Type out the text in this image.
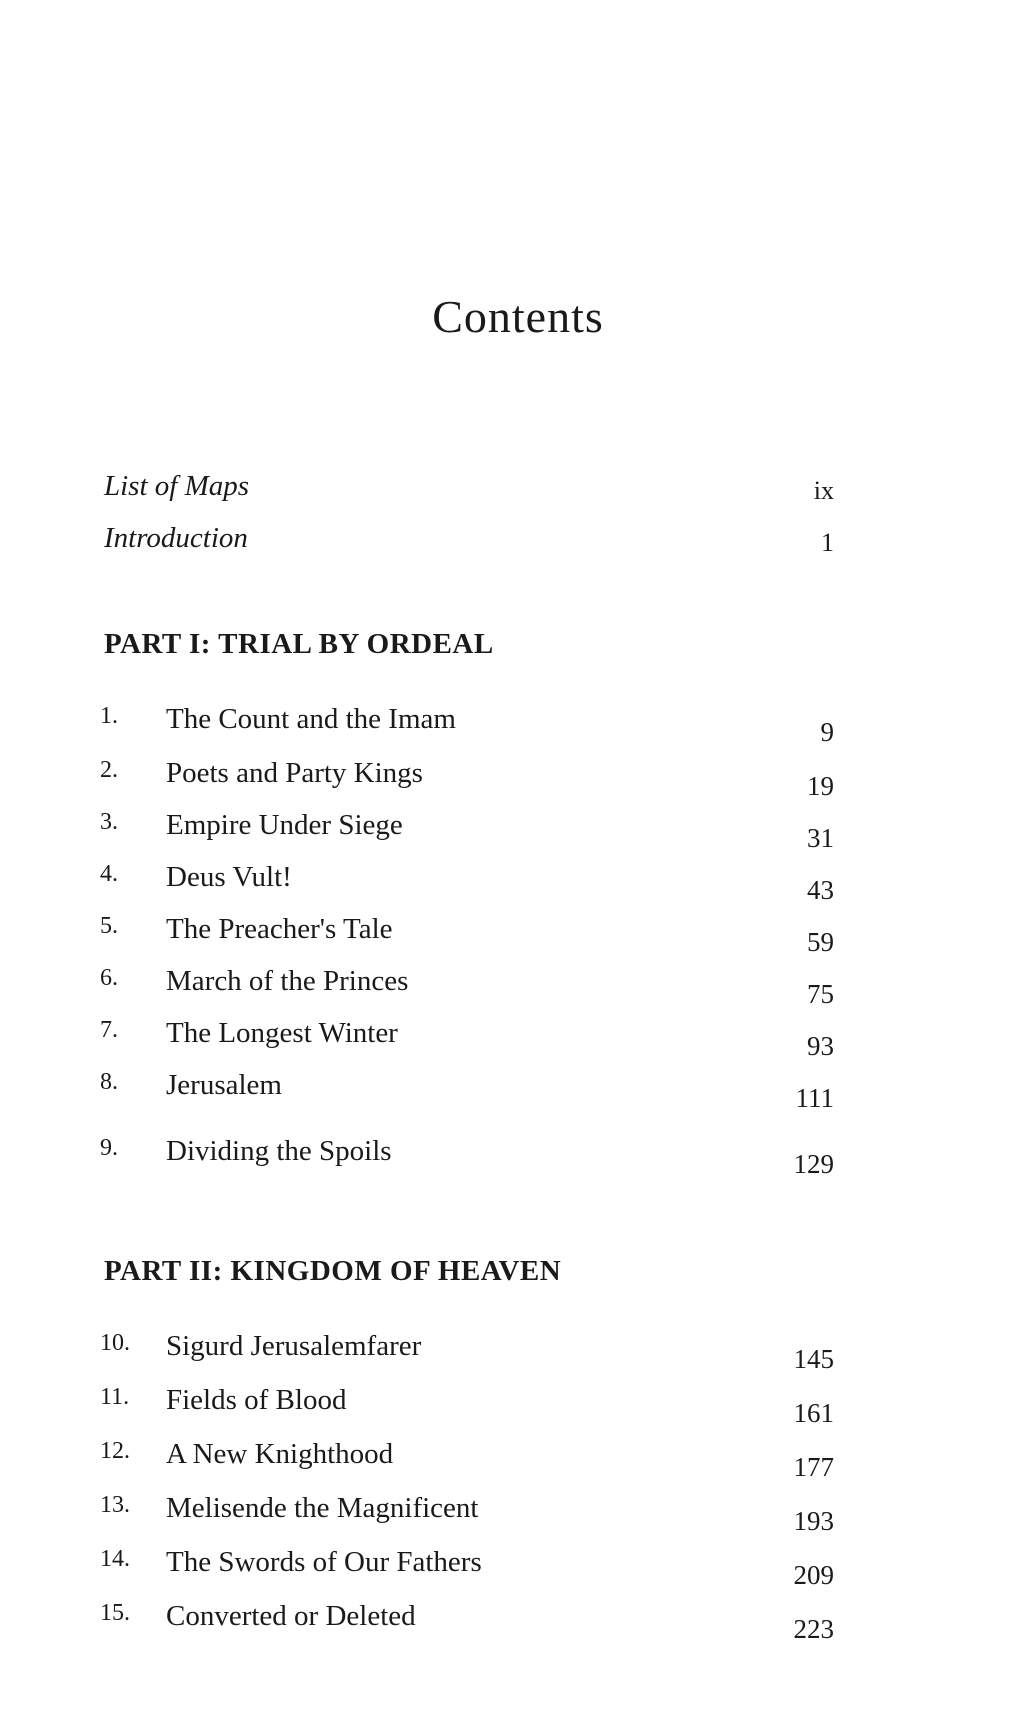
Contents
List of Maps	ix
Introduction	1
PART I: TRIAL BY ORDEAL
1. The Count and the Imam	9
2. Poets and Party Kings	19
3. Empire Under Siege	31
4. Deus Vult!	43
5. The Preacher's Tale	59
6. March of the Princes	75
7. The Longest Winter	93
8. Jerusalem	111
9. Dividing the Spoils	129
PART II: KINGDOM OF HEAVEN
10. Sigurd Jerusalemfarer	145
11. Fields of Blood	161
12. A New Knighthood	177
13. Melisende the Magnificent	193
14. The Swords of Our Fathers	209
15. Converted or Deleted	223
